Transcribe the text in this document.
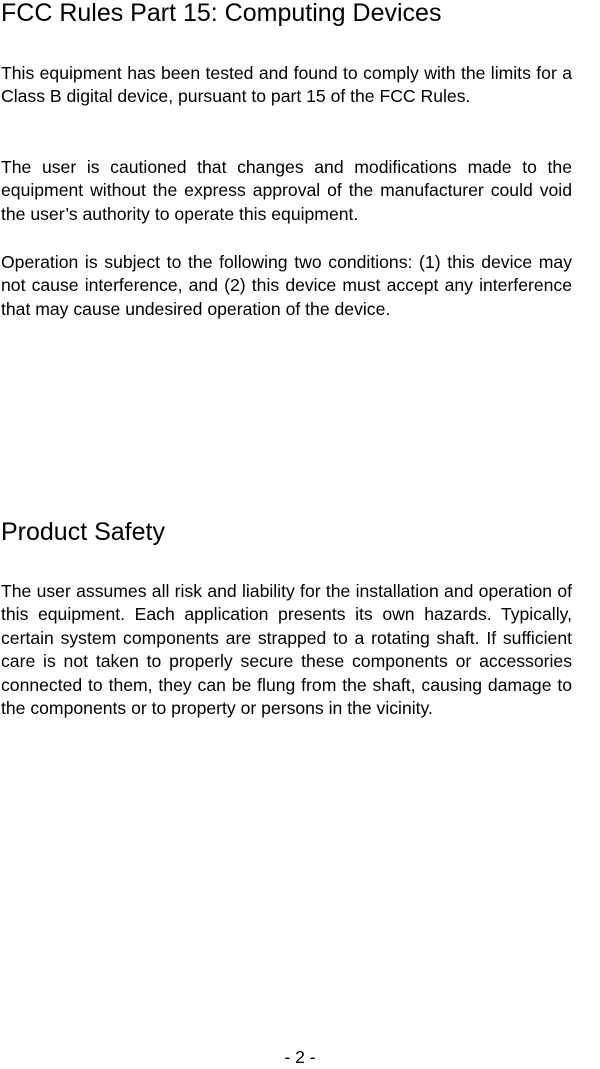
FCC Rules Part 15: Computing Devices

This equipment has been tested and found to comply with the limits for a Class B digital device, pursuant to part 15 of the FCC Rules.

The user is cautioned that changes and modifications made to the equipment without the express approval of the manufacturer could void the user’s authority to operate this equipment.

Operation is subject to the following two conditions: (1) this device may not cause interference, and (2) this device must accept any interference that may cause undesired operation of the device.

Product Safety

The user assumes all risk and liability for the installation and operation of this equipment. Each application presents its own hazards. Typically, certain system components are strapped to a rotating shaft. If sufficient care is not taken to properly secure these components or accessories connected to them, they can be flung from the shaft, causing damage to the components or to property or persons in the vicinity.

- 2 -
